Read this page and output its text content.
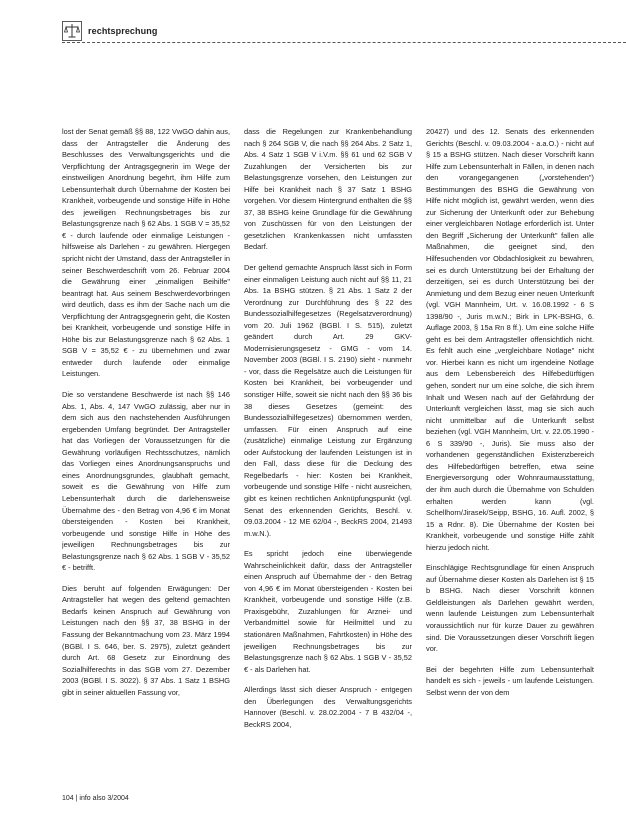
rechtsprechung

lost der Senat gemäß §§ 88, 122 VwGO dahin aus, dass der Antragsteller die Änderung des Beschlusses des Verwaltungsgerichts und die Verpflichtung der Antragsgegnerin im Wege der einstweiligen Anordnung begehrt, ihm Hilfe zum Lebensunterhalt durch Übernahme der Kosten bei Krankheit, vorbeugende und sonstige Hilfe in Höhe des jeweiligen Rechnungsbetrages bis zur Belastungsgrenze nach § 62 Abs. 1 SGB V = 35,52 € - durch laufende oder einmalige Leistungen - hilfsweise als Darlehen - zu gewähren. Hiergegen spricht nicht der Umstand, dass der Antragsteller in seiner Beschwerdeschrift vom 26. Februar 2004 die Gewährung einer „einmaligen Beihilfe" beantragt hat. Aus seinem Beschwerdevorbringen wird deutlich, dass es ihm der Sache nach um die Verpflichtung der Antragsgegnerin geht, die Kosten bei Krankheit, vorbeugende und sonstige Hilfe in Höhe bis zur Belastungsgrenze nach § 62 Abs. 1 SGB V = 35,52 € - zu übernehmen und zwar entweder durch laufende oder einmalige Leistungen.

Die so verstandene Beschwerde ist nach §§ 146 Abs. 1, Abs. 4, 147 VwGO zulässig, aber nur in dem sich aus den nachstehenden Ausführungen ergebenden Umfang begründet. Der Antragsteller hat das Vorliegen der Voraussetzungen für die Gewährung vorläufigen Rechtsschutzes, nämlich das Vorliegen eines Anordnungsanspruchs und eines Anordnungsgrundes, glaubhaft gemacht, soweit es die Gewährung von Hilfe zum Lebensunterhalt durch die darlehensweise Übernahme des - den Betrag von 4,96 € im Monat übersteigenden - Kosten bei Krankheit, vorbeugende und sonstige Hilfe in Höhe des jeweiligen Rechnungsbetrages bis zur Belastungsgrenze nach § 62 Abs. 1 SGB V - 35,52 € - betrifft.

Dies beruht auf folgenden Erwägungen: Der Antragsteller hat wegen des geltend gemachten Bedarfs keinen Anspruch auf Gewährung von Leistungen nach den §§ 37, 38 BSHG in der Fassung der Bekanntmachung vom 23. März 1994 (BGBl. I S. 646, ber. S. 2975), zuletzt geändert durch Art. 68 Gesetz zur Einordnung des Sozialhilferechts in das SGB vom 27. Dezember 2003 (BGBl. I S. 3022). § 37 Abs. 1 Satz 1 BSHG gibt in seiner aktuellen Fassung vor,

dass die Regelungen zur Krankenbehandlung nach § 264 SGB V, die nach §§ 264 Abs. 2 Satz 1, Abs. 4 Satz 1 SGB V i.V.m. §§ 61 und 62 SGB V Zuzahlungen der Versicherten bis zur Belastungsgrenze vorsehen, den Leistungen zur Hilfe bei Krankheit nach § 37 Satz 1 BSHG vorgehen. Vor diesem Hintergrund enthalten die §§ 37, 38 BSHG keine Grundlage für die Gewährung von Zuschüssen für von den Leistungen der gesetzlichen Krankenkassen nicht umfassten Bedarf.

Der geltend gemachte Anspruch lässt sich in Form einer einmaligen Leistung auch nicht auf §§ 11, 21 Abs. 1a BSHG stützen. § 21 Abs. 1 Satz 2 der Verordnung zur Durchführung des § 22 des Bundessozialhilfegesetzes (Regelsatzverordnung) vom 20. Juli 1962 (BGBl. I S. 515), zuletzt geändert durch Art. 29 GKV-Modernisierungsgesetz - GMG - vom 14. November 2003 (BGBl. I S. 2190) sieht - nunmehr - vor, dass die Regelsätze auch die Leistungen für Kosten bei Krankheit, bei vorbeugender und sonstiger Hilfe, soweit sie nicht nach den §§ 36 bis 38 dieses Gesetzes (gemeint: des Bundessozialhilfegesetzes) übernommen werden, umfassen. Für einen Anspruch auf eine (zusätzliche) einmalige Leistung zur Ergänzung oder Aufstockung der laufenden Leistungen ist in den Fall, dass diese für die Deckung des Regelbedarfs - hier: Kosten bei Krankheit, vorbeugende und sonstige Hilfe - nicht ausreichen, gibt es keinen rechtlichen Anknüpfungspunkt (vgl. Senat des erkennenden Gerichts, Beschl. v. 09.03.2004 - 12 ME 62/04 -, BeckRS 2004, 21493 m.w.N.).

Es spricht jedoch eine überwiegende Wahrscheinlichkeit dafür, dass der Antragsteller einen Anspruch auf Übernahme der - den Betrag von 4,96 € im Monat übersteigenden - Kosten bei Krankheit, vorbeugende und sonstige Hilfe (z.B. Praxisgebühr, Zuzahlungen für Arznei- und Verbandmittel sowie für Heilmittel und zu stationären Maßnahmen, Fahrtkosten) in Höhe des jeweiligen Rechnungsbetrages bis zur Belastungsgrenze nach § 62 Abs. 1 SGB V - 35,52 € - als Darlehen hat.

Allerdings lässt sich dieser Anspruch - entgegen den Überlegungen des Verwaltungsgerichts Hannover (Beschl. v. 28.02.2004 - 7 B 432/04 -, BeckRS 2004,

20427) und des 12. Senats des erkennenden Gerichts (Beschl. v. 09.03.2004 - a.a.O.) - nicht auf § 15 a BSHG stützen. Nach dieser Vorschrift kann Hilfe zum Lebensunterhalt in Fällen, in denen nach den vorangegangenen („vorstehenden") Bestimmungen des BSHG die Gewährung von Hilfe nicht möglich ist, gewährt werden, wenn dies zur Sicherung der Unterkunft oder zur Behebung einer vergleichbaren Notlage erforderlich ist. Unter den Begriff „Sicherung der Unterkunft" fallen alle Maßnahmen, die geeignet sind, den Hilfesuchenden vor Obdachlosigkeit zu bewahren, sei es durch Unterstützung bei der Erhaltung der derzeitigen, sei es durch Unterstützung bei der Anmietung und dem Bezug einer neuen Unterkunft (vgl. VGH Mannheim, Urt. v. 16.08.1992 - 6 S 1398/90 -, Juris m.w.N.; Birk in LPK-BSHG, 6. Auflage 2003, § 15a Rn 8 ff.). Um eine solche Hilfe geht es bei dem Antragsteller offensichtlich nicht. Es fehlt auch eine „vergleichbare Notlage" nicht vor. Hierbei kann es nicht um irgendeine Notlage aus dem Lebensbereich des Hilfebedürftigen gehen, sondert nur um eine solche, die sich ihrem Inhalt und Wesen nach auf der Gefährdung der Unterkunft vergleichen lässt, mag sie sich auch nicht unmittelbar auf die Unterkunft selbst beziehen (vgl. VGH Mannheim, Urt. v. 22.05.1990 - 6 S 339/90 -, Juris). Sie muss also der vorhandenen gegenständlichen Existenzbereich des Hilfebedürftigen betreffen, etwa seine Energieversorgung oder Wohnraumausstattung, der ihm auch durch die Übernahme von Schulden erhalten werden kann (vgl. Schellhorn/Jirasek/Seipp, BSHG, 16. Aufl. 2002, § 15 a Rdnr. 8). Die Übernahme der Kosten bei Krankheit, vorbeugende und sonstige Hilfe zählt hierzu jedoch nicht.

Einschlägige Rechtsgrundlage für einen Anspruch auf Übernahme dieser Kosten als Darlehen ist § 15 b BSHG. Nach dieser Vorschrift können Geldleistungen als Darlehen gewährt werden, wenn laufende Leistungen zum Lebensunterhalt voraussichtlich nur für kurze Dauer zu gewähren sind. Die Voraussetzungen dieser Vorschrift liegen vor.

Bei der begehrten Hilfe zum Lebensunterhalt handelt es sich - jeweils - um laufende Leistungen. Selbst wenn der von dem

104 | info also 3/2004
